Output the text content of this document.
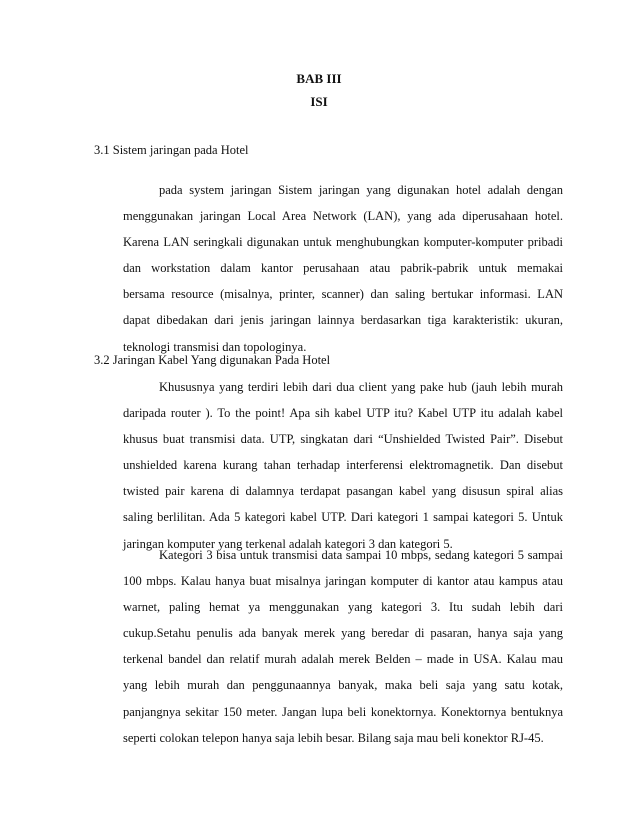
BAB III
ISI
3.1 Sistem jaringan pada Hotel
pada system jaringan Sistem jaringan yang digunakan hotel adalah dengan
menggunakan jaringan Local Area Network (LAN), yang ada diperusahaan hotel.
Karena LAN seringkali digunakan untuk menghubungkan komputer-komputer pribadi
dan workstation dalam kantor perusahaan atau pabrik-pabrik untuk memakai
bersama resource (misalnya, printer, scanner) dan saling bertukar informasi. LAN
dapat dibedakan dari jenis jaringan lainnya berdasarkan tiga karakteristik: ukuran,
teknologi transmisi dan topologinya.
3.2 Jaringan Kabel Yang digunakan Pada Hotel
Khususnya yang terdiri lebih dari dua client yang pake hub (jauh lebih murah
daripada router ). To the point! Apa sih kabel UTP itu? Kabel UTP itu adalah kabel
khusus buat transmisi data. UTP, singkatan dari “Unshielded Twisted Pair”. Disebut
unshielded karena kurang tahan terhadap interferensi elektromagnetik. Dan disebut
twisted pair karena di dalamnya terdapat pasangan kabel yang disusun spiral alias
saling berlilitan. Ada 5 kategori kabel UTP. Dari kategori 1 sampai kategori 5. Untuk
jaringan komputer yang terkenal adalah kategori 3 dan kategori 5.
Kategori 3 bisa untuk transmisi data sampai 10 mbps, sedang kategori 5 sampai
100 mbps. Kalau hanya buat misalnya jaringan komputer di kantor atau kampus atau
warnet, paling hemat ya menggunakan yang kategori 3. Itu sudah lebih dari
cukup.Setahu penulis ada banyak merek yang beredar di pasaran, hanya saja yang
terkenal bandel dan relatif murah adalah merek Belden – made in USA. Kalau mau
yang lebih murah dan penggunaannya banyak, maka beli saja yang satu kotak,
panjangnya sekitar 150 meter. Jangan lupa beli konektornya. Konektornya bentuknya
seperti colokan telepon hanya saja lebih besar. Bilang saja mau beli konektor RJ-45.
